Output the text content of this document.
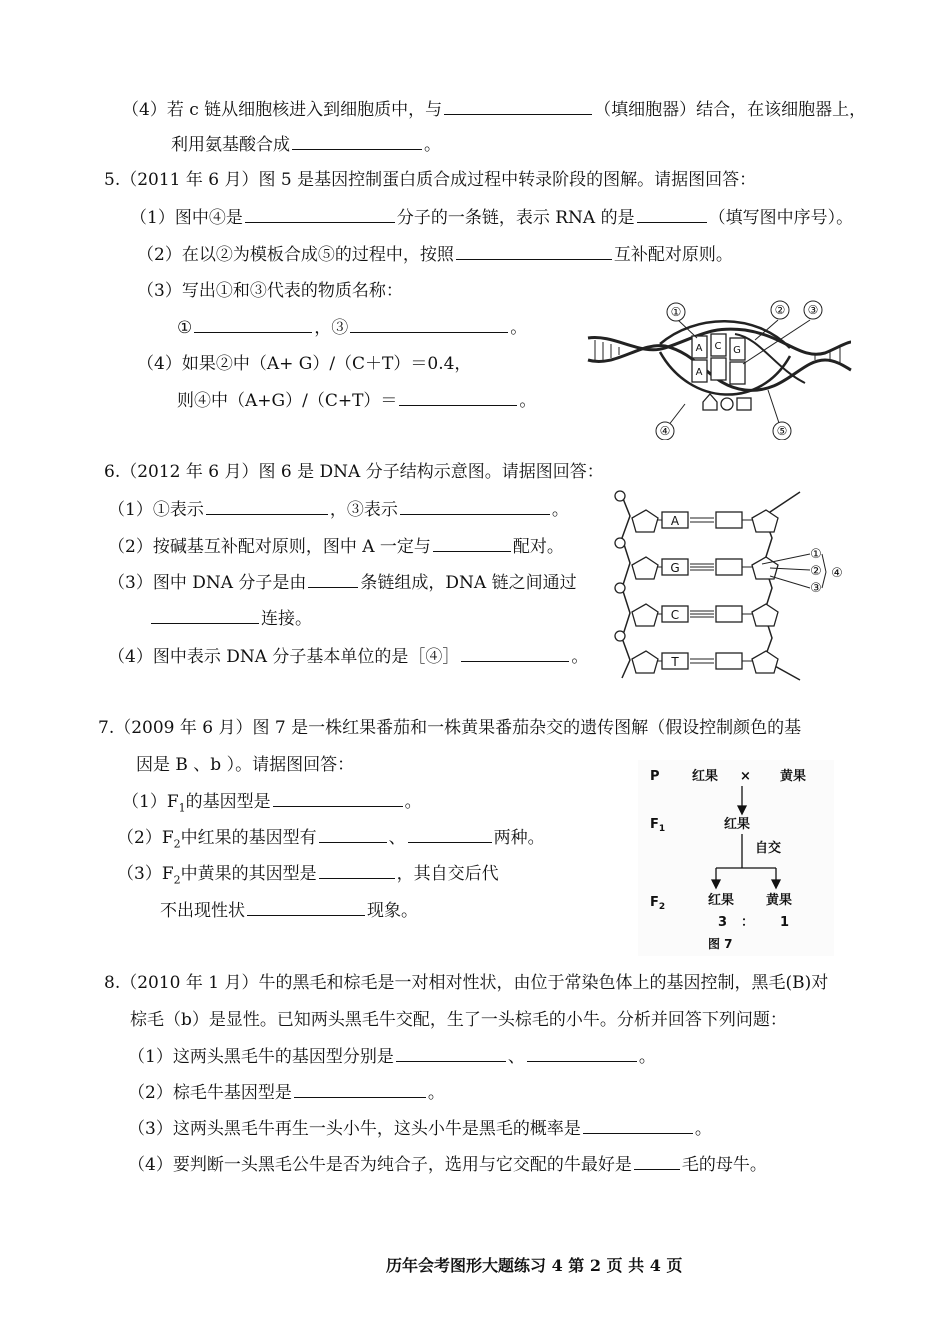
（4）若 c 链从细胞核进入到细胞质中，与	（填细胞器）结合，在该细胞器上，
利用氨基酸合成	。
5.（2011 年 6 月）图 5 是基因控制蛋白质合成过程中转录阶段的图解。请据图回答：
（1）图中④是	分子的一条链，表示 RNA 的是	（填写图中序号）。
（2）在以②为模板合成⑤的过程中，按照	互补配对原则。
（3）写出①和③代表的物质名称：
①	，③	。
（4）如果②中（A+ G）/（C＋T）＝0.4，
则④中（A+G）/（C+T）＝	。
A C G
A
①	② ③
④	⑤
6.（2012 年 6 月）图 6 是 DNA 分子结构示意图。请据图回答：
（1）①表示	，③表示	。
（2）按碱基互补配对原则，图中 A 一定与	配对。
（3）图中 DNA 分子是由	条链组成，DNA 链之间通过
连接。
（4）图中表示 DNA 分子基本单位的是［④］	。
A
G
C
T
①
②
③
④
7.（2009 年 6 月）图 7 是一株红果番茄和一株黄果番茄杂交的遗传图解（假设控制颜色的基
因是 B 、b ）。请据图回答：
$(1)F_1$的基因型是	。
$(2)F_2$中红果的基因型有	、	两种。
$(3)F_2$中黄果的其因型是	，其自交后代
不出现性状	现象。
P 红果 × 黄果
$F_1$	红果
自交
$F_2$	红果 黄果
3 ： 1
图 7
8.（2010 年 1 月）牛的黑毛和棕毛是一对相对性状，由位于常染色体上的基因控制，黑毛(B)对
棕毛（b）是显性。已知两头黑毛牛交配，生了一头棕毛的小牛。分析并回答下列问题：
（1）这两头黑毛牛的基因型分别是	、	。
（2）棕毛牛基因型是	。
（3）这两头黑毛牛再生一头小牛，这头小牛是黑毛的概率是	。
（4）要判断一头黑毛公牛是否为纯合子，选用与它交配的牛最好是	毛的母牛。
历年会考图形大题练习 4 第 2 页 共 4 页
